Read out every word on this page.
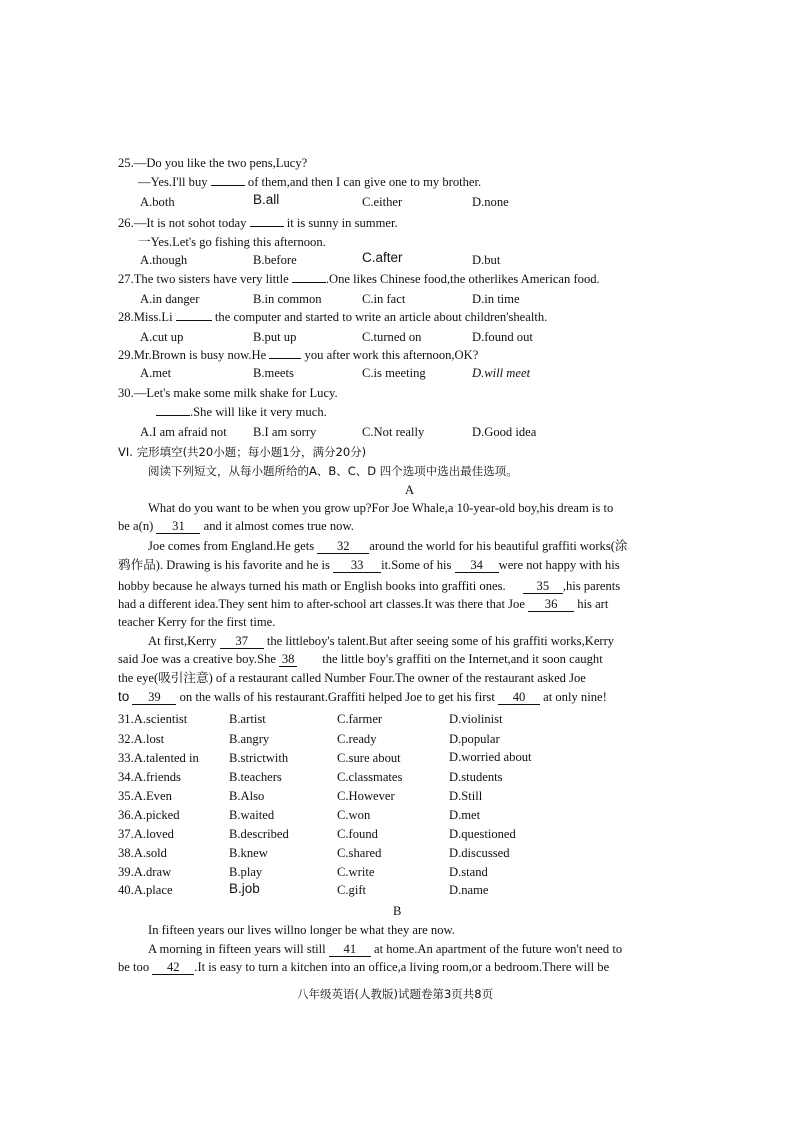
25.—Do you like the two pens,Lucy?
—Yes.I'll buy	of them,and then I can give one to my brother.
A.both	B.all	C.either	D.none
26.—It is not sohot today	it is sunny in summer.
一Yes.Let's go fishing this afternoon.
A.though	B.before	C.after	D.but
27.The two sisters have very little	.One likes Chinese food,the otherlikes American food.
A.in danger	B.in common	C.in fact	D.in time
28.Miss.Li	the computer and started to write an article about children'shealth.
A.cut up	B.put up	C.turned on	D.found out
29.Mr.Brown is busy now.He	you after work this afternoon,OK?
A.met	B.meets	C.is meeting	D.will meet
30.—Let's make some milk shake for Lucy.
.She will like it very much.
A.I am afraid not B.I am sorry	C.Not really	D.Good idea
VI. 完形填空(共20小题；每小题1分，满分20分)
阅读下列短文，从每小题所给的A、B、C、D 四个选项中选出最佳选项。
A
What do you want to be when you grow up?For Joe Whale,a 10-year-old boy,his dream is to
be a(n) 31 and it almost comes true now.
Joe comes from England.He gets 32 around the world for his beautiful graffiti works(涂
鸦作品). Drawing is his favorite and he is 33 it.Some of his 34 were not happy with his
hobby because he always turned his math or English books into graffiti ones. 35 ,his parents
had a different idea.They sent him to after-school art classes.It was there that Joe 36 his art
teacher Kerry for the first time.
At first,Kerry 37 the littleboy's talent.But after seeing some of his graffiti works,Kerry
said Joe was a creative boy.She 38 the little boy's graffiti on the Internet,and it soon caught
the eye(吸引注意) of a restaurant called Number Four.The owner of the restaurant asked Joe
to 39 on the walls of his restaurant.Graffiti helped Joe to get his first 40 at only nine!
31.A.scientist	B.artist	C.farmer	D.violinist
32.A.lost	B.angry	C.ready	D.popular
33.A.talented in B.strictwith	C.sure about	D.worried about
34.A.friends	B.teachers	C.classmates	D.students
35.A.Even	B.Also	C.However	D.Still
36.A.picked	B.waited	C.won	D.met
37.A.loved	B.described	C.found	D.questioned
38.A.sold	B.knew	C.shared	D.discussed
39.A.draw	B.play	C.write	D.stand
40.A.place	B.job	C.gift	D.name
B
In fifteen years our lives willno longer be what they are now.
A morning in fifteen years will still 41 at home.An apartment of the future won't need to
be too 42 .It is easy to turn a kitchen into an office,a living room,or a bedroom.There will be
八年级英语(人教版)试题卷第3页共8页
